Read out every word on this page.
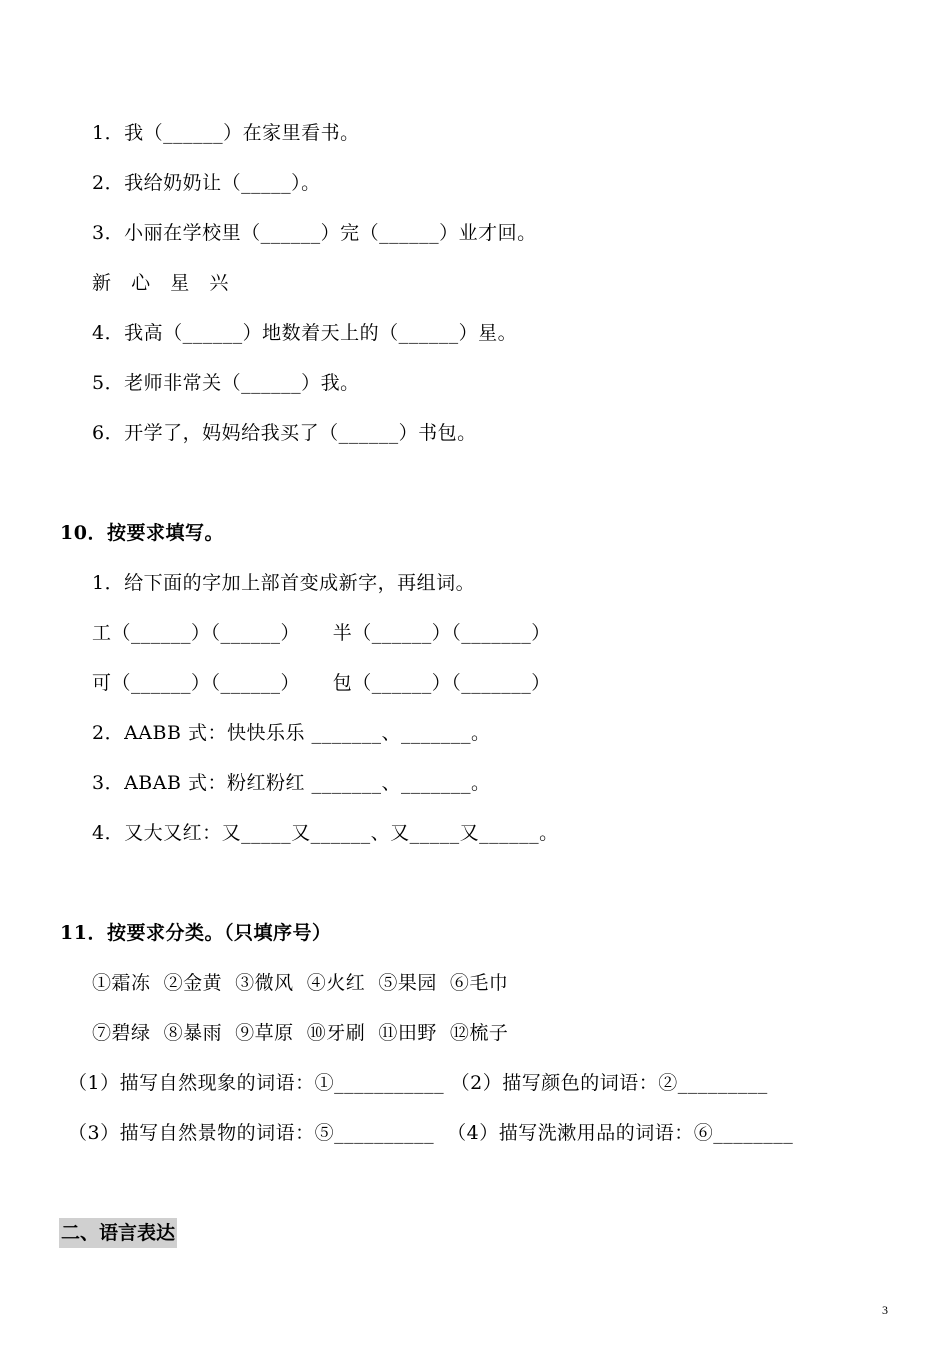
1．我（______）在家里看书。
2．我给奶奶让（_____）。
3．小丽在学校里（______）完（______）业才回。
新   心   星   兴
4．我高（______）地数着天上的（______）星。
5．老师非常关（______）我。
6．开学了，妈妈给我买了（______）书包。
10．按要求填写。
1．给下面的字加上部首变成新字，再组词。
工（______）（______）     半（______）（_______）
可（______）（______）     包（______）（_______）
2．AABB 式：快快乐乐 _______、_______。
3．ABAB 式：粉红粉红 _______、_______。
4．又大又红：又_____又______、又_____又______。
11．按要求分类。（只填序号）
①霜冻  ②金黄  ③微风  ④火红  ⑤果园  ⑥毛巾
⑦碧绿  ⑧暴雨  ⑨草原  ⑩牙刷  ⑪田野  ⑫梳子
（1）描写自然现象的词语：①___________ （2）描写颜色的词语：②_________
（3）描写自然景物的词语：⑤__________  （4）描写洗漱用品的词语：⑥________
二、语言表达
3
